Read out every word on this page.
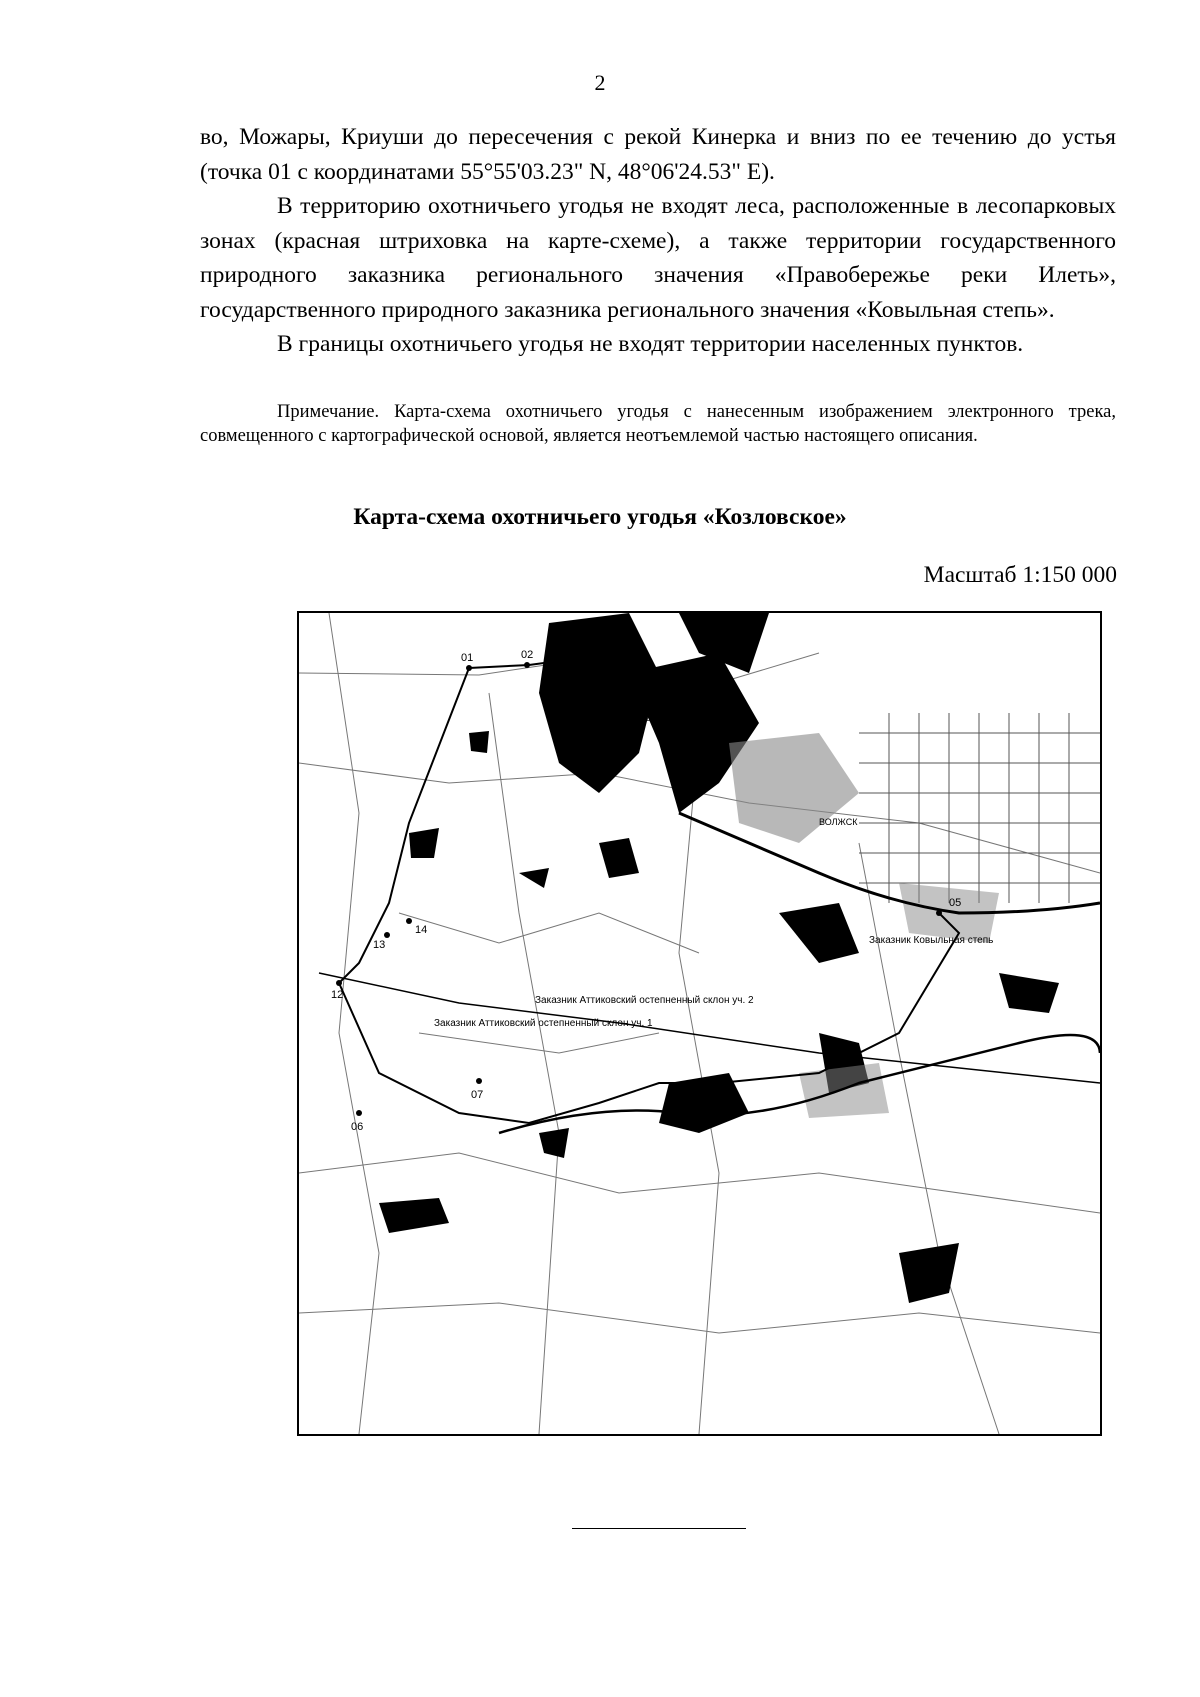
2

во, Можары, Криуши до пересечения с рекой Кинерка и вниз по ее течению до устья (точка 01 с координатами 55°55'03.23" N, 48°06'24.53" E).

В территорию охотничьего угодья не входят леса, расположенные в лесопарковых зонах (красная штриховка на карте-схеме), а также территории государственного природного заказника регионального значения «Правобережье реки Илеть», государственного природного заказника регионального значения «Ковыльная степь».

В границы охотничьего угодья не входят территории населенных пунктов.

Примечание. Карта-схема охотничьего угодья с нанесенным изображением электронного трека, совмещенного с картографической основой, является неотъемлемой частью настоящего описания.
Карта-схема охотничьего угодья «Козловское»
Масштаб 1:150 000
01	02
05
06
07
12
13
14
Заказник Правобережье реки Илеть
ВОЛЖСК
Заказник Ковыльная степь
Заказник Аттиковский остепненный склон уч. 2
Заказник Аттиковский остепненный склон уч. 1
